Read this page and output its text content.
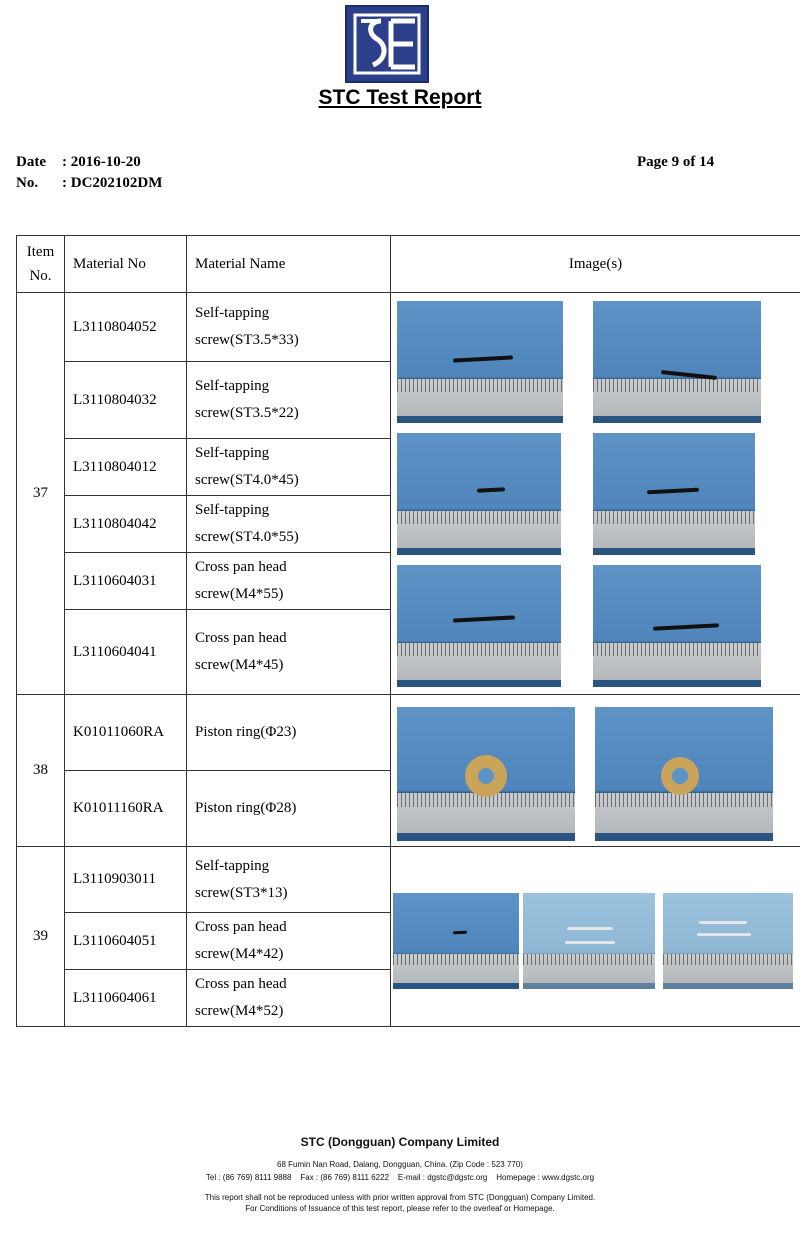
STC Test Report
Date : 2016-10-20
No. : DC202102DM
Page 9 of 14
Item
No.	Material No	Material Name	Image(s)
37	L3110804052	Self-tapping
screw(ST3.5*33)	

	L3110804032	Self-tapping
screw(ST3.5*22)	
	L3110804012	Self-tapping
screw(ST4.0*45)	
	L3110804042	Self-tapping
screw(ST4.0*55)	
	L3110604031	Cross pan head
screw(M4*55)	
	L3110604041	Cross pan head
screw(M4*45)	
38	K01011060RA	Piston ring(Φ23)	

	K01011160RA	Piston ring(Φ28)	
39	L3110903011	Self-tapping
screw(ST3*13)	

	L3110604051	Cross pan head
screw(M4*42)	
	L3110604061	Cross pan head
screw(M4*52)	
STC (Dongguan) Company Limited
68 Fumin Nan Road, Dalang, Dongguan, China. (Zip Code : 523 770)
Tel : (86 769) 8111 9888    Fax : (86 769) 8111 6222    E-mail : dgstc@dgstc.org    Homepage : www.dgstc.org
This report shall not be reproduced unless with prior written approval from STC (Dongguan) Company Limited.
For Conditions of Issuance of this test report, please refer to the overleaf or Homepage.
